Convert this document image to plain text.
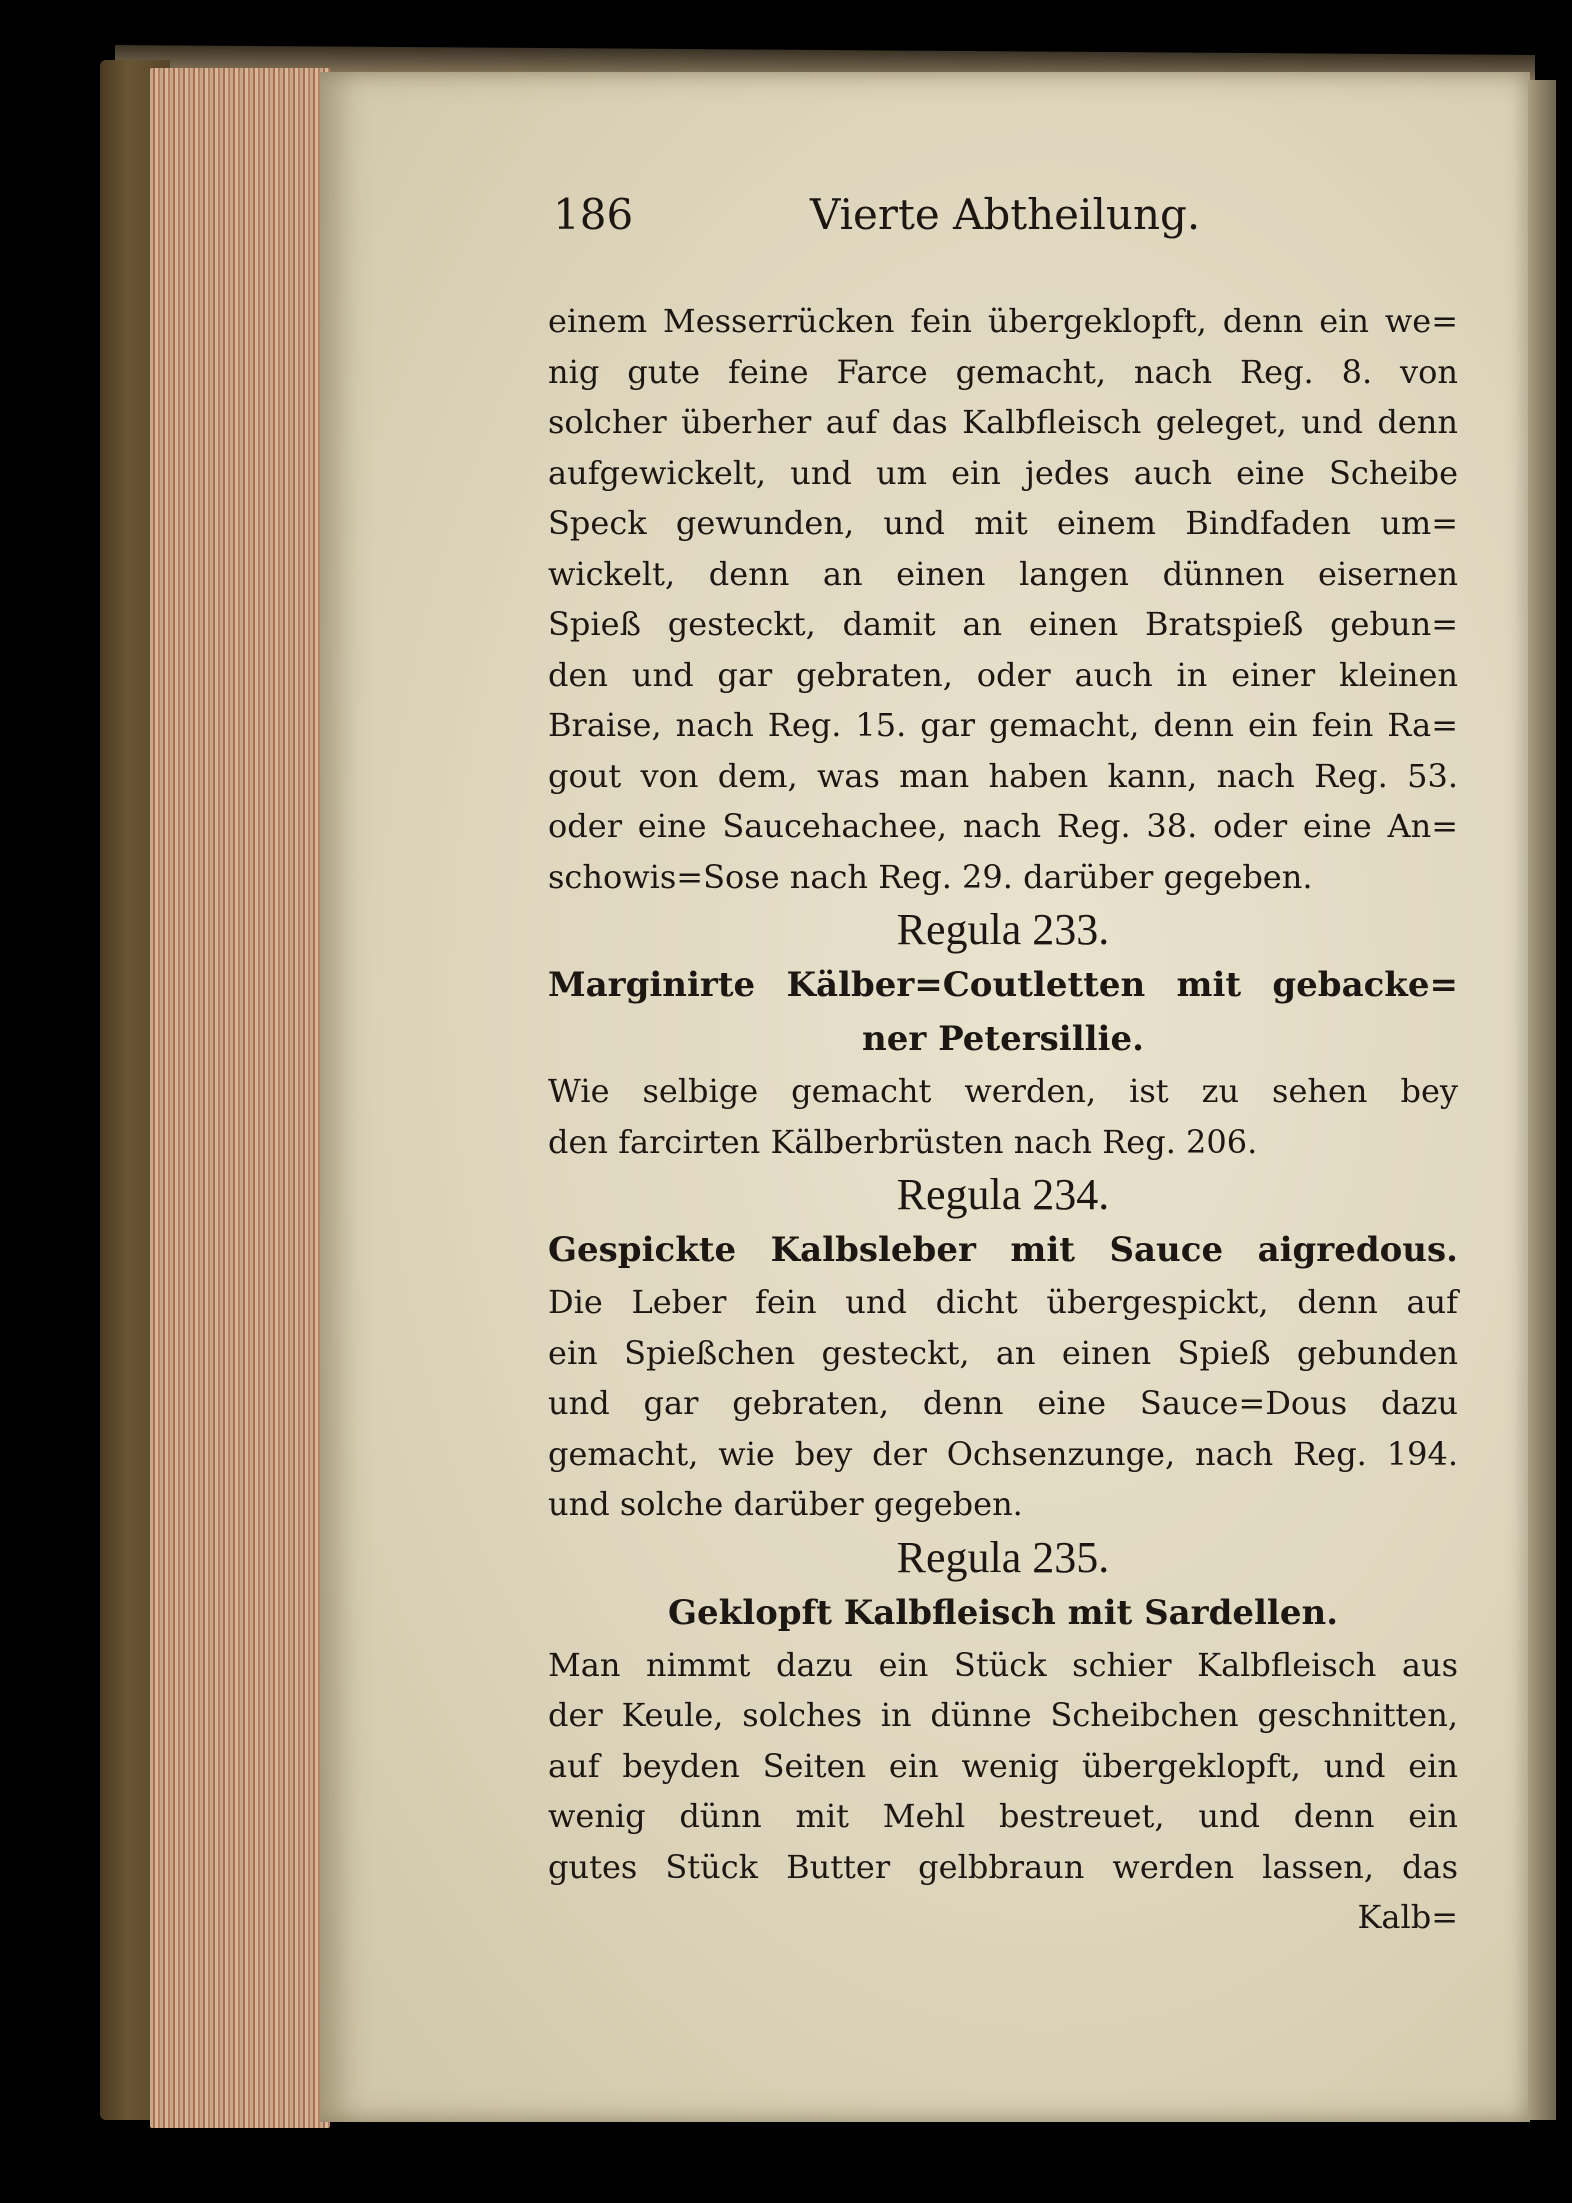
186	Vierte Abtheilung.
einem Messerrücken fein übergeklopft, denn ein we=
nig gute feine Farce gemacht, nach Reg. 8. von
solcher überher auf das Kalbfleisch geleget, und denn
aufgewickelt, und um ein jedes auch eine Scheibe
Speck gewunden, und mit einem Bindfaden um=
wickelt, denn an einen langen dünnen eisernen
Spieß gesteckt, damit an einen Bratspieß gebun=
den und gar gebraten, oder auch in einer kleinen
Braise, nach Reg. 15. gar gemacht, denn ein fein Ra=
gout von dem, was man haben kann, nach Reg. 53.
oder eine Saucehachee, nach Reg. 38. oder eine An=
schowis=Sose nach Reg. 29. darüber gegeben.
Regula 233.
Marginirte Kälber=Coutletten mit gebacke=
ner Petersillie.
Wie selbige gemacht werden, ist zu sehen bey
den farcirten Kälberbrüsten nach Reg. 206.
Regula 234.
Gespickte Kalbsleber mit Sauce aigredous.
Die Leber fein und dicht übergespickt, denn auf
ein Spießchen gesteckt, an einen Spieß gebunden
und gar gebraten, denn eine Sauce=Dous dazu
gemacht, wie bey der Ochsenzunge, nach Reg. 194.
und solche darüber gegeben.
Regula 235.
Geklopft Kalbfleisch mit Sardellen.
Man nimmt dazu ein Stück schier Kalbfleisch aus
der Keule, solches in dünne Scheibchen geschnitten,
auf beyden Seiten ein wenig übergeklopft, und ein
wenig dünn mit Mehl bestreuet, und denn ein
gutes Stück Butter gelbbraun werden lassen, das
Kalb=
